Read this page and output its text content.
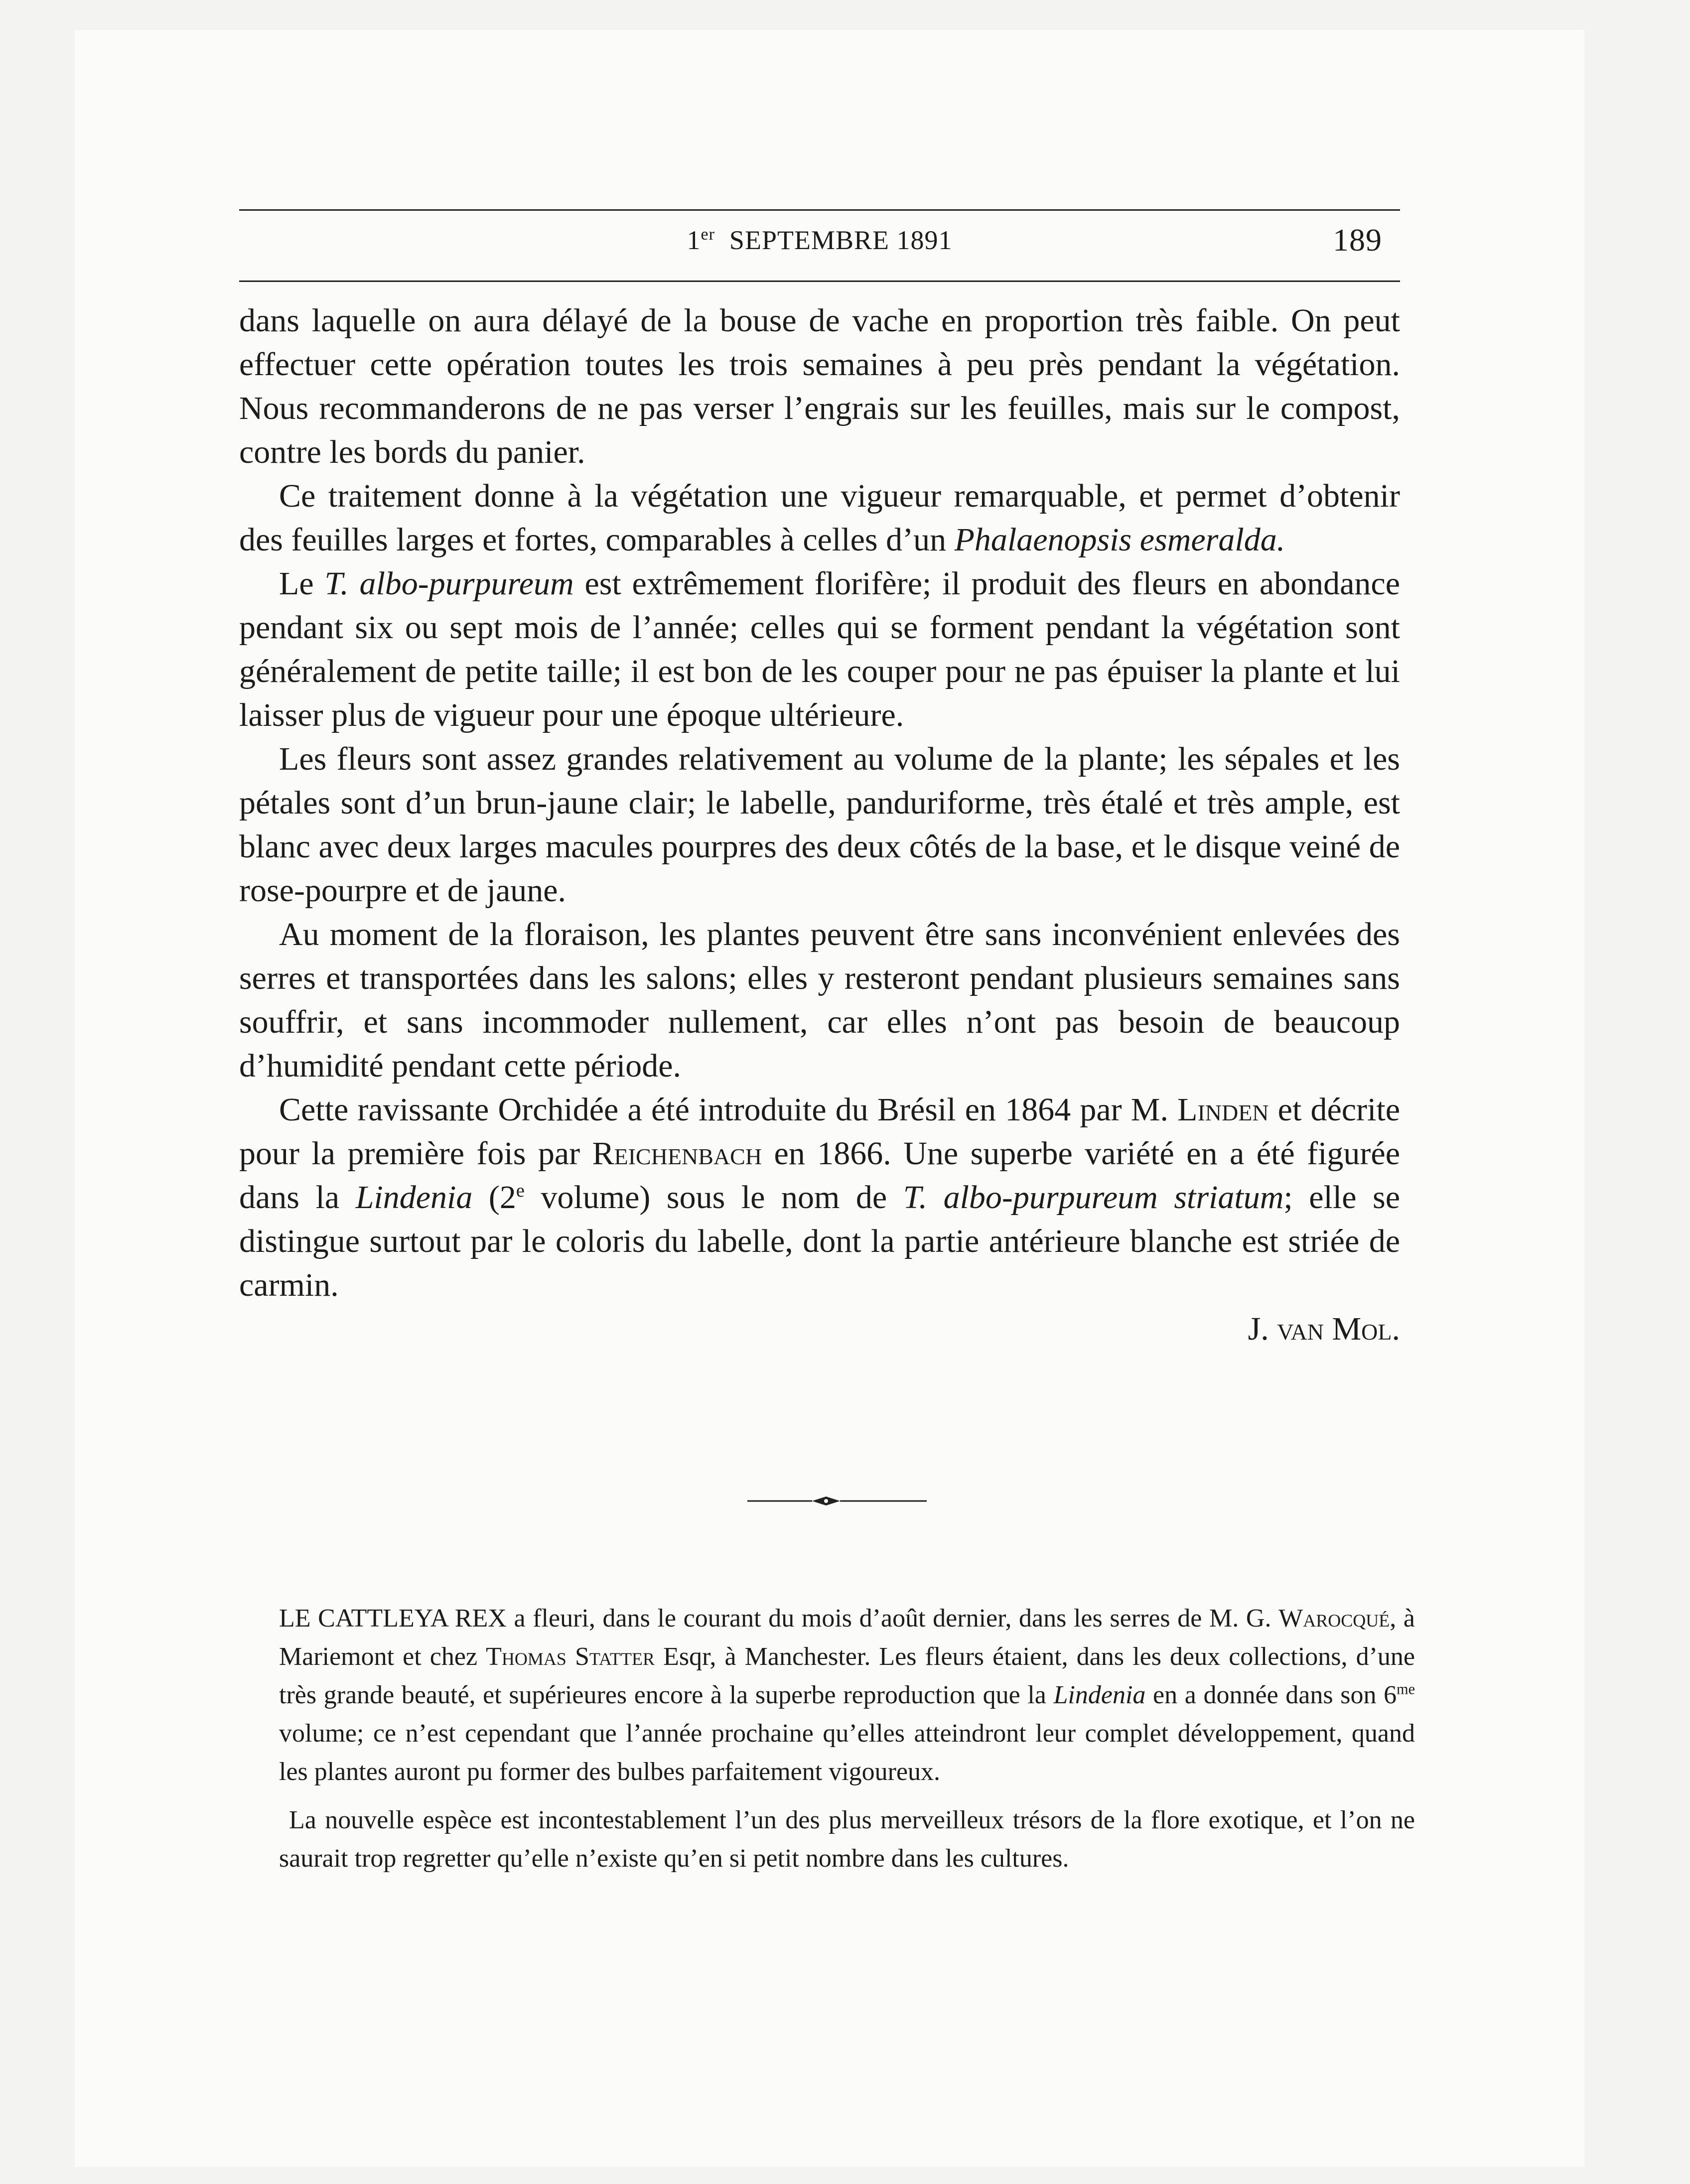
1er SEPTEMBRE 1891	189

dans laquelle on aura délayé de la bouse de vache en proportion très faible. On peut effectuer cette opération toutes les trois semaines à peu près pendant la végétation. Nous recommanderons de ne pas verser l’engrais sur les feuilles, mais sur le compost, contre les bords du panier.

Ce traitement donne à la végétation une vigueur remarquable, et permet d’obtenir des feuilles larges et fortes, comparables à celles d’un Phalaenopsis esmeralda.

Le T. albo-purpureum est extrêmement florifère; il produit des fleurs en abondance pendant six ou sept mois de l’année; celles qui se forment pendant la végétation sont généralement de petite taille; il est bon de les couper pour ne pas épuiser la plante et lui laisser plus de vigueur pour une époque ultérieure.

Les fleurs sont assez grandes relativement au volume de la plante; les sépales et les pétales sont d’un brun-jaune clair; le labelle, panduriforme, très étalé et très ample, est blanc avec deux larges macules pourpres des deux côtés de la base, et le disque veiné de rose-pourpre et de jaune.

Au moment de la floraison, les plantes peuvent être sans inconvénient enlevées des serres et transportées dans les salons; elles y resteront pendant plusieurs semaines sans souffrir, et sans incommoder nullement, car elles n’ont pas besoin de beaucoup d’humidité pendant cette période.

Cette ravissante Orchidée a été introduite du Brésil en 1864 par M. Linden et décrite pour la première fois par Reichenbach en 1866. Une superbe variété en a été figurée dans la Lindenia (2e volume) sous le nom de T. albo-purpureum striatum; elle se distingue surtout par le coloris du labelle, dont la partie antérieure blanche est striée de carmin.

J. van Mol.

LE CATTLEYA REX a fleuri, dans le courant du mois d’août dernier, dans les serres de M. G. Warocqué, à Mariemont et chez Thomas Statter Esqr, à Manchester. Les fleurs étaient, dans les deux collections, d’une très grande beauté, et supérieures encore à la superbe reproduction que la Lindenia en a donnée dans son $6^{me}$ volume; ce n’est cependant que l’année prochaine qu’elles atteindront leur complet développement, quand les plantes auront pu former des bulbes parfaitement vigoureux.

La nouvelle espèce est incontestablement l’un des plus merveilleux trésors de la flore exotique, et l’on ne saurait trop regretter qu’elle n’existe qu’en si petit nombre dans les cultures.
